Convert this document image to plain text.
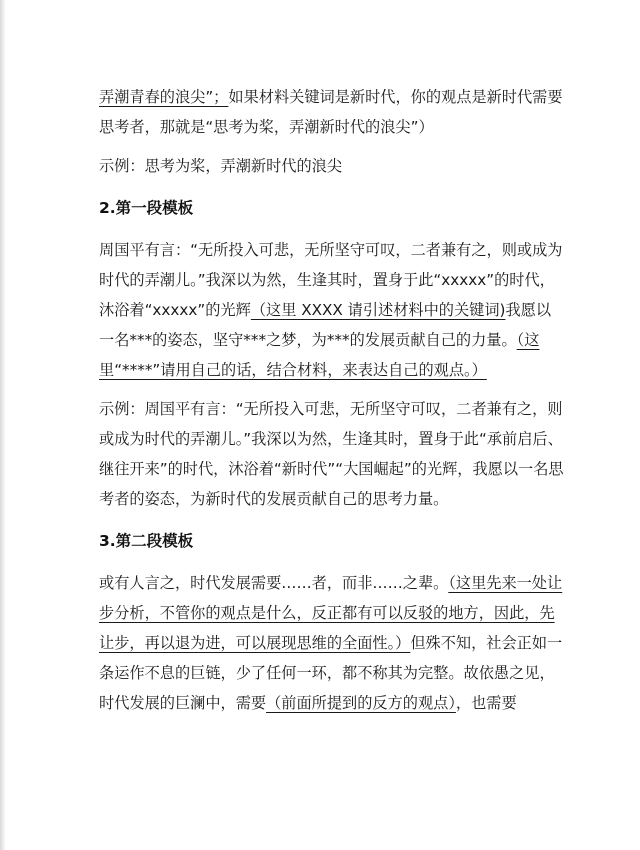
弄潮青春的浪尖”；如果材料关键词是新时代，你的观点是新时代需要思考者，那就是“思考为桨，弄潮新时代的浪尖”）

示例：思考为桨，弄潮新时代的浪尖

2.第一段模板

周国平有言：“无所投入可悲，无所坚守可叹，二者兼有之，则或成为时代的弄潮儿。”我深以为然，生逢其时，置身于此“xxxxx”的时代，沐浴着“xxxxx”的光辉（这里 XXXX 请引述材料中的关键词)我愿以一名***的姿态，坚守***之梦，为***的发展贡献自己的力量。（这里“****”请用自己的话，结合材料，来表达自己的观点。）

示例：周国平有言：“无所投入可悲，无所坚守可叹，二者兼有之，则或成为时代的弄潮儿。”我深以为然，生逢其时，置身于此“承前启后、继往开来”的时代，沐浴着“新时代”“大国崛起”的光辉，我愿以一名思考者的姿态，为新时代的发展贡献自己的思考力量。

3.第二段模板

或有人言之，时代发展需要……者，而非……之辈。（这里先来一处让步分析，不管你的观点是什么，反正都有可以反驳的地方，因此，先让步，再以退为进，可以展现思维的全面性。）但殊不知，社会正如一条运作不息的巨链，少了任何一环，都不称其为完整。故依愚之见，时代发展的巨澜中，需要（前面所提到的反方的观点），也需要
